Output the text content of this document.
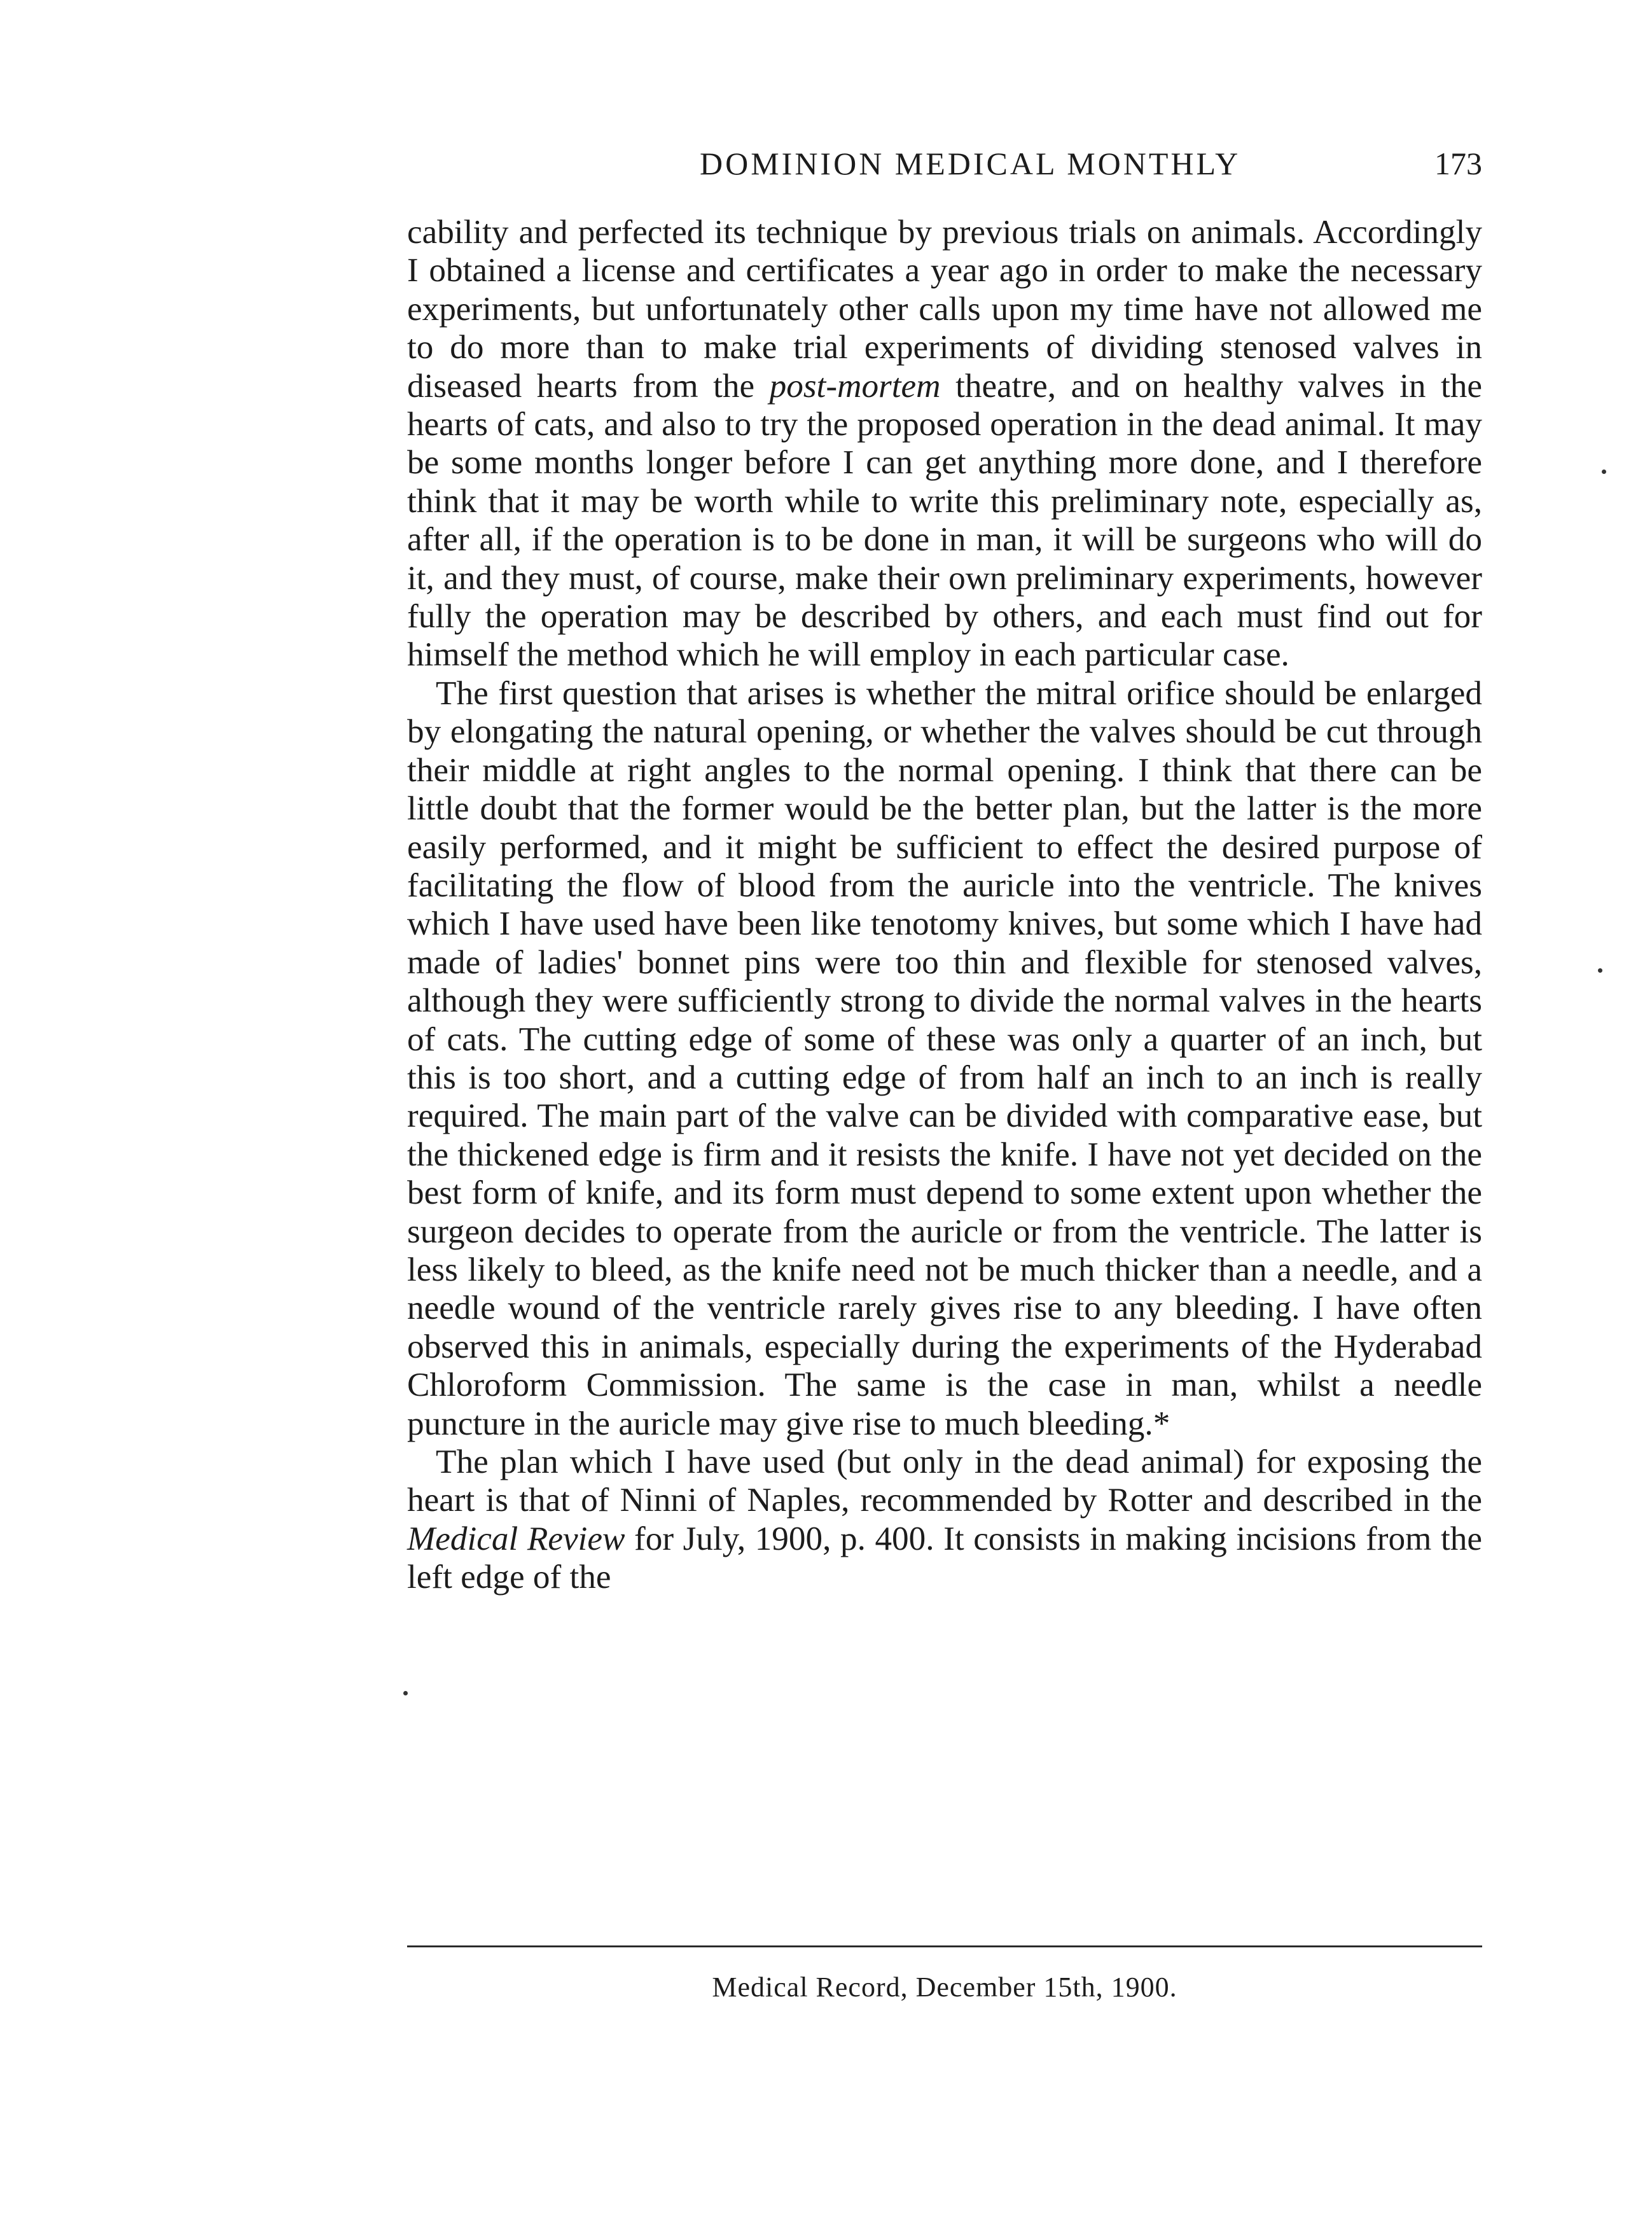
DOMINION MEDICAL MONTHLY	173

cability and perfected its technique by previous trials on animals. Accordingly I obtained a license and certificates a year ago in order to make the necessary experiments, but unfortunately other calls upon my time have not allowed me to do more than to make trial experiments of dividing stenosed valves in diseased hearts from the post-mortem theatre, and on healthy valves in the hearts of cats, and also to try the proposed operation in the dead animal. It may be some months longer before I can get anything more done, and I therefore think that it may be worth while to write this preliminary note, especially as, after all, if the operation is to be done in man, it will be surgeons who will do it, and they must, of course, make their own preliminary experiments, however fully the operation may be described by others, and each must find out for himself the method which he will employ in each particular case.

The first question that arises is whether the mitral orifice should be enlarged by elongating the natural opening, or whether the valves should be cut through their middle at right angles to the normal opening. I think that there can be little doubt that the former would be the better plan, but the latter is the more easily performed, and it might be sufficient to effect the desired purpose of facilitating the flow of blood from the auricle into the ventricle. The knives which I have used have been like tenotomy knives, but some which I have had made of ladies' bonnet pins were too thin and flexible for stenosed valves, although they were sufficiently strong to divide the normal valves in the hearts of cats. The cutting edge of some of these was only a quarter of an inch, but this is too short, and a cutting edge of from half an inch to an inch is really required. The main part of the valve can be divided with comparative ease, but the thickened edge is firm and it resists the knife. I have not yet decided on the best form of knife, and its form must depend to some extent upon whether the surgeon decides to operate from the auricle or from the ventricle. The latter is less likely to bleed, as the knife need not be much thicker than a needle, and a needle wound of the ventricle rarely gives rise to any bleeding. I have often observed this in animals, especially during the experiments of the Hyderabad Chloroform Commission. The same is the case in man, whilst a needle puncture in the auricle may give rise to much bleeding.*

The plan which I have used (but only in the dead animal) for exposing the heart is that of Ninni of Naples, recommended by Rotter and described in the Medical Review for July, 1900, p. 400. It consists in making incisions from the left edge of the

Medical Record, December 15th, 1900.
